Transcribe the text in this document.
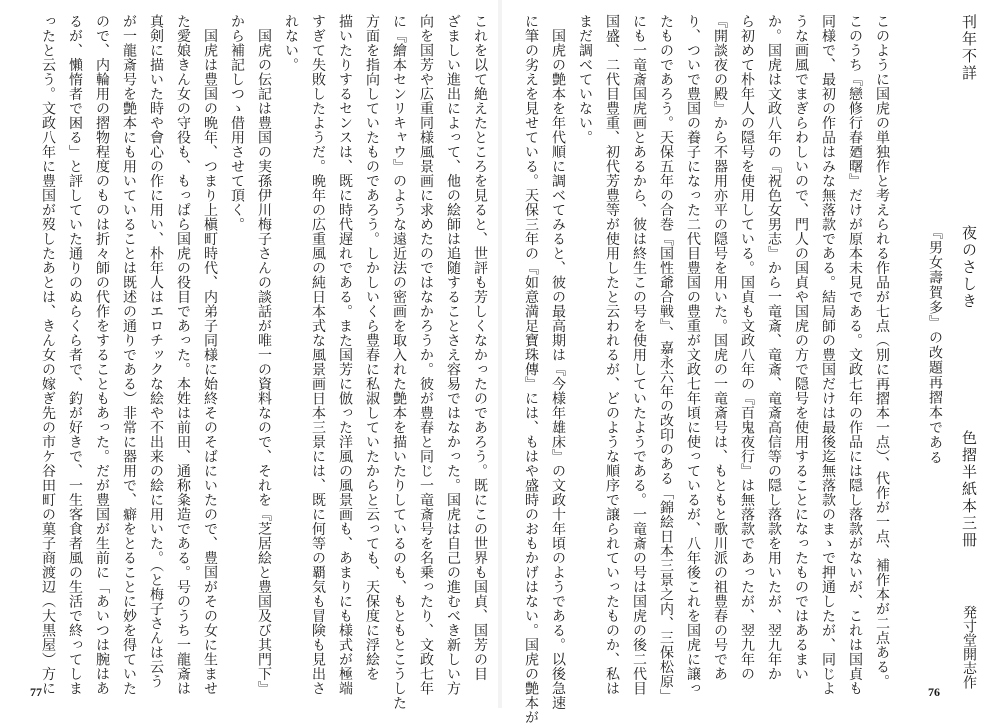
刊年不詳
夜のさしき
色摺半紙本三冊
『男女壽賀多』の改題再摺本である
発寸堂開志作
このように国虎の単独作と考えられる作品が七点（別に再摺本一点）、代作が一点、補作本が二点ある。
このうち『戀修行春廼曙』だけが原本未見である。文政七年の作品には隠し落款がないが、これは国貞も
同様で、最初の作品はみな無落款である。結局師の豊国だけは最後迄無落款のまゝで押通したが、同じよ
うな画風でまぎらわしいので、門人の国貞や国虎の方で隠号を使用することになったものではあるまい
か。国虎は文政八年の『祝色女男志』から一竜斎、竜斎、竜斎高信等の隠し落款を用いたが、翌九年か
ら初めて朴年人の隠号を使用している。国貞も文政八年の『百鬼夜行』は無落款であったが、翌九年の
『開談夜の殿』から不器用亦平の隠号を用いた。国虎の一竜斎号は、もともと歌川派の祖豊春の号であ
り、ついで豊国の養子になった二代目豊国の豊重が文政七年頃に使っているが、八年後これを国虎に譲っ
たものであろう。天保五年の合巻『国性爺合戦』、嘉永六年の改印のある「錦絵日本三景之内、三保松原」
にも一竜斎国虎画とあるから、彼は終生この号を使用していたようである。一竜斎の号は国虎の後二代目
国盛、二代目豊重、初代芳豊等が使用したと云われるが、どのような順序で譲られていったものか、私は
まだ調べていない。
　国虎の艶本を年代順に調べてみると、彼の最高期は『今様年雄床』の文政十年頃のようである。以後急速
に筆の劣えを見せている。天保三年の『如意満足寶珠傳』には、もはや盛時のおもかげはない。国虎の艶本が
これを以て絶えたところを見ると、世評も芳しくなかったのであろう。既にこの世界も国貞、国芳の目
ざましい進出によって、他の絵師は追随することさえ容易ではなかった。国虎は自己の進むべき新しい方
向を国芳や広重同様風景画に求めたのではなかろうか。彼が豊春と同じ一竜斎号を名乗ったり、文政七年
に『繪本センリキャウ』のような遠近法の密画を取入れた艶本を描いたりしているのも、もともとこうした
方面を指向していたものであろう。しかしいくら豊春に私淑していたからと云っても、天保度に浮絵を
描いたりするセンスは、既に時代遅れである。また国芳に倣った洋風の風景画も、あまりにも様式が極端
すぎて失敗したようだ。晩年の広重風の純日本式な風景画日本三景には、既に何等の覇気も冒険も見出さ
れない。
　国虎の伝記は豊国の実孫伊川梅子さんの談話が唯一の資料なので、それを『芝居絵と豊国及び其門下』
から補記しつゝ借用させて頂く。
　国虎は豊国の晩年、つまり上槇町時代、内弟子同様に始終そのそばにいたので、豊国がその女に生ませ
た愛娘きん女の守役も、もっぱら国虎の役目であった。本姓は前田、通称粂造である。号のうち一龍斎は
真剣に描いた時や會心の作に用い、朴年人はエロチックな絵や不出来の絵に用いた。（と梅子さんは云う
が一龍斎号を艶本にも用いていることは既述の通りである）非常に器用で、癖をとることに妙を得ていた
ので、内輪用の摺物程度のものは折々師の代作をすることもあった。だが豊国が生前に「あいつは腕はあ
るが、懶惰者で困る」と評していた通りのぬらくら者で、釣が好きで、一生客食者風の生活で終ってしま
ったと云う。文政八年に豊国が歿したあとは、きん女の嫁ぎ先の市ケ谷田町の菓子商渡辺（大黒屋）方に
77	76
